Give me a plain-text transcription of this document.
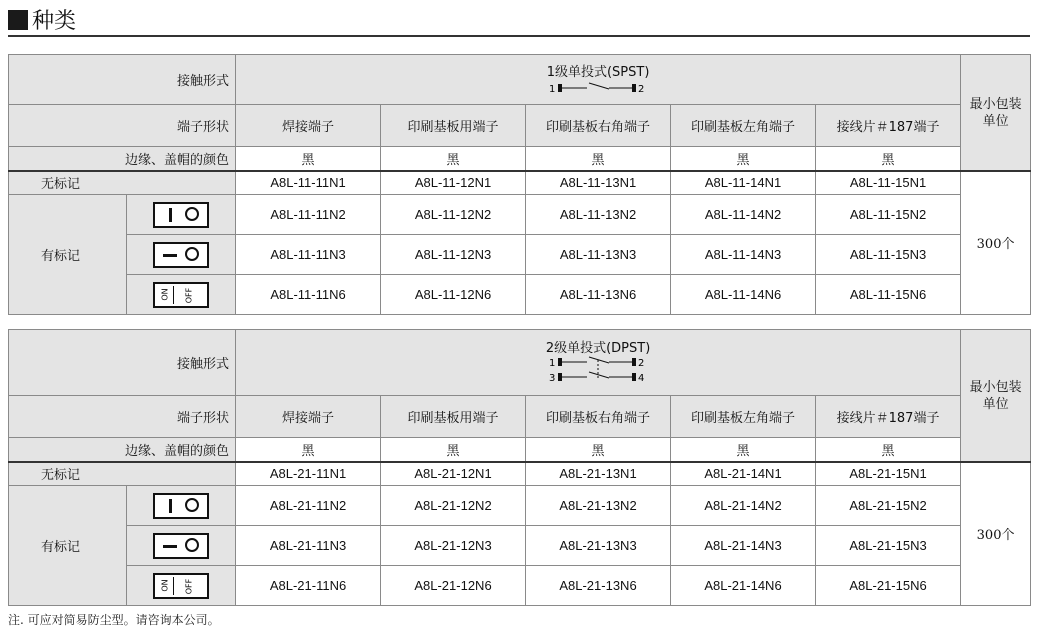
种类
接触形式		1级单投式(SPST)
1 2					最小包装单位
端子形状		焊接端子	印刷基板用端子	印刷基板右角端子	印刷基板左角端子	接线片＃187端子	
边缘、盖帽的颜色		黑	黑	黑	黑	黑	
无标记		A8L-11-11N1	A8L-11-12N1	A8L-11-13N1	A8L-11-14N1	A8L-11-15N1	300个
有标记		A8L-11-11N2	A8L-11-12N2	A8L-11-13N2	A8L-11-14N2	A8L-11-15N2	

		A8L-11-11N3	A8L-11-12N3	A8L-11-13N3	A8L-11-14N3	A8L-11-15N3	

	ON OFF	A8L-11-11N6	A8L-11-12N6	A8L-11-13N6	A8L-11-14N6	A8L-11-15N6	
接触形式		2级单投式(DPST)
1 2
3 4					最小包装单位
端子形状		焊接端子	印刷基板用端子	印刷基板右角端子	印刷基板左角端子	接线片＃187端子	
边缘、盖帽的颜色		黑	黑	黑	黑	黑	
无标记		A8L-21-11N1	A8L-21-12N1	A8L-21-13N1	A8L-21-14N1	A8L-21-15N1	300个
有标记		A8L-21-11N2	A8L-21-12N2	A8L-21-13N2	A8L-21-14N2	A8L-21-15N2	

		A8L-21-11N3	A8L-21-12N3	A8L-21-13N3	A8L-21-14N3	A8L-21-15N3	

	ON OFF	A8L-21-11N6	A8L-21-12N6	A8L-21-13N6	A8L-21-14N6	A8L-21-15N6	
注. 可应对简易防尘型。请咨询本公司。
